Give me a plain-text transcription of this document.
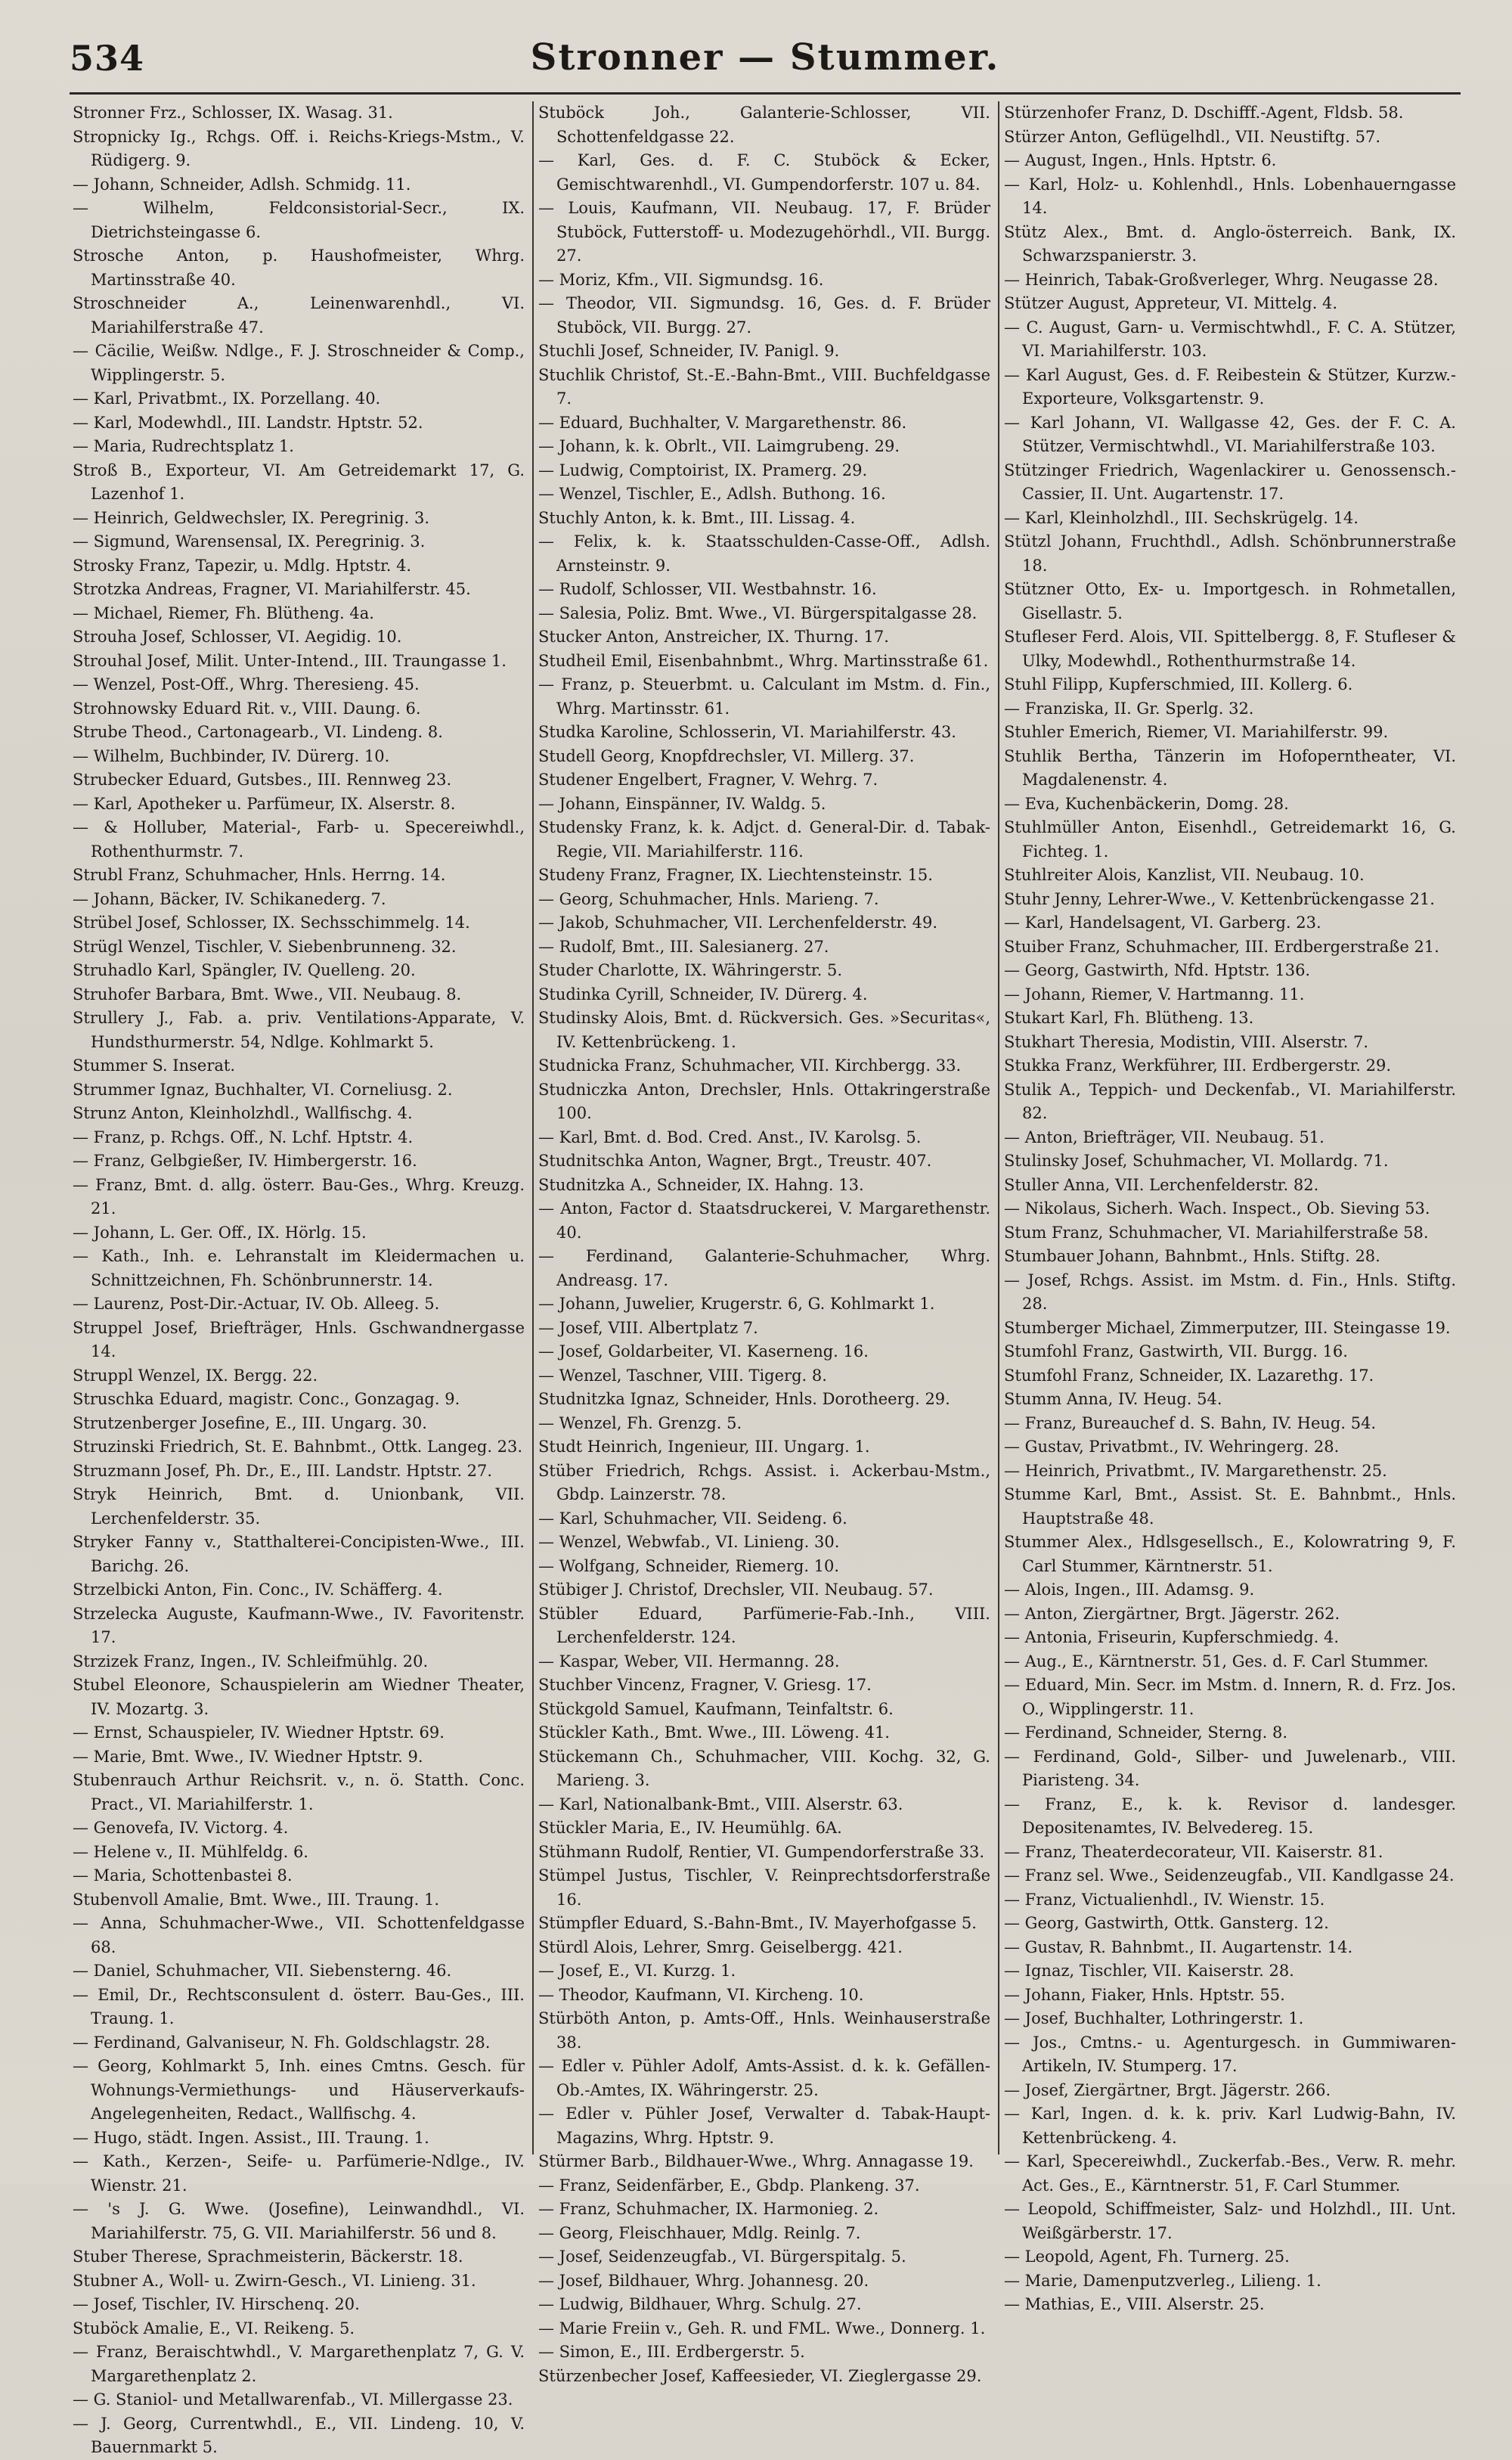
534	Stronner — Stummer.

Stronner Frz., Schlosser, IX. Wasag. 31.

Stropnicky Ig., Rchgs. Off. i. Reichs-Kriegs-Mstm., V. Rüdigerg. 9.

— Johann, Schneider, Adlsh. Schmidg. 11.

— Wilhelm, Feldconsistorial-Secr., IX. Dietrichsteingasse 6.

Strosche Anton, p. Haushofmeister, Whrg. Martinsstraße 40.

Stroschneider A., Leinenwarenhdl., VI. Mariahilferstraße 47.

— Cäcilie, Weißw. Ndlge., F. J. Stroschneider & Comp., Wipplingerstr. 5.

— Karl, Privatbmt., IX. Porzellang. 40.

— Karl, Modewhdl., III. Landstr. Hptstr. 52.

— Maria, Rudrechtsplatz 1.

Stroß B., Exporteur, VI. Am Getreidemarkt 17, G. Lazenhof 1.

— Heinrich, Geldwechsler, IX. Peregrinig. 3.

— Sigmund, Warensensal, IX. Peregrinig. 3.

Strosky Franz, Tapezir, u. Mdlg. Hptstr. 4.

Strotzka Andreas, Fragner, VI. Mariahilferstr. 45.

— Michael, Riemer, Fh. Blütheng. 4a.

Strouha Josef, Schlosser, VI. Aegidig. 10.

Strouhal Josef, Milit. Unter-Intend., III. Traungasse 1.

— Wenzel, Post-Off., Whrg. Theresieng. 45.

Strohnowsky Eduard Rit. v., VIII. Daung. 6.

Strube Theod., Cartonagearb., VI. Lindeng. 8.

— Wilhelm, Buchbinder, IV. Dürerg. 10.

Strubecker Eduard, Gutsbes., III. Rennweg 23.

— Karl, Apotheker u. Parfümeur, IX. Alserstr. 8.

— & Holluber, Material-, Farb- u. Specereiwhdl., Rothenthurmstr. 7.

Strubl Franz, Schuhmacher, Hnls. Herrng. 14.

— Johann, Bäcker, IV. Schikanederg. 7.

Strübel Josef, Schlosser, IX. Sechsschimmelg. 14.

Strügl Wenzel, Tischler, V. Siebenbrunneng. 32.

Struhadlo Karl, Spängler, IV. Quelleng. 20.

Struhofer Barbara, Bmt. Wwe., VII. Neubaug. 8.

Strullery J., Fab. a. priv. Ventilations-Apparate, V. Hundsthurmerstr. 54, Ndlge. Kohlmarkt 5.

Stummer S. Inserat.

Strummer Ignaz, Buchhalter, VI. Corneliusg. 2.

Strunz Anton, Kleinholzhdl., Wallfischg. 4.

— Franz, p. Rchgs. Off., N. Lchf. Hptstr. 4.

— Franz, Gelbgießer, IV. Himbergerstr. 16.

— Franz, Bmt. d. allg. österr. Bau-Ges., Whrg. Kreuzg. 21.

— Johann, L. Ger. Off., IX. Hörlg. 15.

— Kath., Inh. e. Lehranstalt im Kleidermachen u. Schnittzeichnen, Fh. Schönbrunnerstr. 14.

— Laurenz, Post-Dir.-Actuar, IV. Ob. Alleeg. 5.

Struppel Josef, Briefträger, Hnls. Gschwandnergasse 14.

Struppl Wenzel, IX. Bergg. 22.

Struschka Eduard, magistr. Conc., Gonzagag. 9.

Strutzenberger Josefine, E., III. Ungarg. 30.

Struzinski Friedrich, St. E. Bahnbmt., Ottk. Langeg. 23.

Struzmann Josef, Ph. Dr., E., III. Landstr. Hptstr. 27.

Stryk Heinrich, Bmt. d. Unionbank, VII. Lerchenfelderstr. 35.

Stryker Fanny v., Statthalterei-Concipisten-Wwe., III. Barichg. 26.

Strzelbicki Anton, Fin. Conc., IV. Schäfferg. 4.

Strzelecka Auguste, Kaufmann-Wwe., IV. Favoritenstr. 17.

Strzizek Franz, Ingen., IV. Schleifmühlg. 20.

Stubel Eleonore, Schauspielerin am Wiedner Theater, IV. Mozartg. 3.

— Ernst, Schauspieler, IV. Wiedner Hptstr. 69.

— Marie, Bmt. Wwe., IV. Wiedner Hptstr. 9.

Stubenrauch Arthur Reichsrit. v., n. ö. Statth. Conc. Pract., VI. Mariahilferstr. 1.

— Genovefa, IV. Victorg. 4.

— Helene v., II. Mühlfeldg. 6.

— Maria, Schottenbastei 8.

Stubenvoll Amalie, Bmt. Wwe., III. Traung. 1.

— Anna, Schuhmacher-Wwe., VII. Schottenfeldgasse 68.

— Daniel, Schuhmacher, VII. Siebensterng. 46.

— Emil, Dr., Rechtsconsulent d. österr. Bau-Ges., III. Traung. 1.

— Ferdinand, Galvaniseur, N. Fh. Goldschlagstr. 28.

— Georg, Kohlmarkt 5, Inh. eines Cmtns. Gesch. für Wohnungs-Vermiethungs- und Häuserverkaufs-Angelegenheiten, Redact., Wallfischg. 4.

— Hugo, städt. Ingen. Assist., III. Traung. 1.

— Kath., Kerzen-, Seife- u. Parfümerie-Ndlge., IV. Wienstr. 21.

— 's J. G. Wwe. (Josefine), Leinwandhdl., VI. Mariahilferstr. 75, G. VII. Mariahilferstr. 56 und 8.

Stuber Therese, Sprachmeisterin, Bäckerstr. 18.

Stubner A., Woll- u. Zwirn-Gesch., VI. Linieng. 31.

— Josef, Tischler, IV. Hirschenq. 20.

Stuböck Amalie, E., VI. Reikeng. 5.

— Franz, Beraischtwhdl., V. Margarethenplatz 7, G. V. Margarethenplatz 2.

— G. Staniol- und Metallwarenfab., VI. Millergasse 23.

— J. Georg, Currentwhdl., E., VII. Lindeng. 10, V. Bauernmarkt 5.

Stuböck Joh., Galanterie-Schlosser, VII. Schottenfeldgasse 22.

— Karl, Ges. d. F. C. Stuböck & Ecker, Gemischtwarenhdl., VI. Gumpendorferstr. 107 u. 84.

— Louis, Kaufmann, VII. Neubaug. 17, F. Brüder Stuböck, Futterstoff- u. Modezugehörhdl., VII. Burgg. 27.

— Moriz, Kfm., VII. Sigmundsg. 16.

— Theodor, VII. Sigmundsg. 16, Ges. d. F. Brüder Stuböck, VII. Burgg. 27.

Stuchli Josef, Schneider, IV. Panigl. 9.

Stuchlik Christof, St.-E.-Bahn-Bmt., VIII. Buchfeldgasse 7.

— Eduard, Buchhalter, V. Margarethenstr. 86.

— Johann, k. k. Obrlt., VII. Laimgrubeng. 29.

— Ludwig, Comptoirist, IX. Pramerg. 29.

— Wenzel, Tischler, E., Adlsh. Buthong. 16.

Stuchly Anton, k. k. Bmt., III. Lissag. 4.

— Felix, k. k. Staatsschulden-Casse-Off., Adlsh. Arnsteinstr. 9.

— Rudolf, Schlosser, VII. Westbahnstr. 16.

— Salesia, Poliz. Bmt. Wwe., VI. Bürgerspitalgasse 28.

Stucker Anton, Anstreicher, IX. Thurng. 17.

Studheil Emil, Eisenbahnbmt., Whrg. Martinsstraße 61.

— Franz, p. Steuerbmt. u. Calculant im Mstm. d. Fin., Whrg. Martinsstr. 61.

Studka Karoline, Schlosserin, VI. Mariahilferstr. 43.

Studell Georg, Knopfdrechsler, VI. Millerg. 37.

Studener Engelbert, Fragner, V. Wehrg. 7.

— Johann, Einspänner, IV. Waldg. 5.

Studensky Franz, k. k. Adjct. d. General-Dir. d. Tabak-Regie, VII. Mariahilferstr. 116.

Studeny Franz, Fragner, IX. Liechtensteinstr. 15.

— Georg, Schuhmacher, Hnls. Marieng. 7.

— Jakob, Schuhmacher, VII. Lerchenfelderstr. 49.

— Rudolf, Bmt., III. Salesianerg. 27.

Studer Charlotte, IX. Währingerstr. 5.

Studinka Cyrill, Schneider, IV. Dürerg. 4.

Studinsky Alois, Bmt. d. Rückversich. Ges. »Securitas«, IV. Kettenbrückeng. 1.

Studnicka Franz, Schuhmacher, VII. Kirchbergg. 33.

Studniczka Anton, Drechsler, Hnls. Ottakringerstraße 100.

— Karl, Bmt. d. Bod. Cred. Anst., IV. Karolsg. 5.

Studnitschka Anton, Wagner, Brgt., Treustr. 407.

Studnitzka A., Schneider, IX. Hahng. 13.

— Anton, Factor d. Staatsdruckerei, V. Margarethenstr. 40.

— Ferdinand, Galanterie-Schuhmacher, Whrg. Andreasg. 17.

— Johann, Juwelier, Krugerstr. 6, G. Kohlmarkt 1.

— Josef, VIII. Albertplatz 7.

— Josef, Goldarbeiter, VI. Kaserneng. 16.

— Wenzel, Taschner, VIII. Tigerg. 8.

Studnitzka Ignaz, Schneider, Hnls. Dorotheerg. 29.

— Wenzel, Fh. Grenzg. 5.

Studt Heinrich, Ingenieur, III. Ungarg. 1.

Stüber Friedrich, Rchgs. Assist. i. Ackerbau-Mstm., Gbdp. Lainzerstr. 78.

— Karl, Schuhmacher, VII. Seideng. 6.

— Wenzel, Webwfab., VI. Linieng. 30.

— Wolfgang, Schneider, Riemerg. 10.

Stübiger J. Christof, Drechsler, VII. Neubaug. 57.

Stübler Eduard, Parfümerie-Fab.-Inh., VIII. Lerchenfelderstr. 124.

— Kaspar, Weber, VII. Hermanng. 28.

Stuchber Vincenz, Fragner, V. Griesg. 17.

Stückgold Samuel, Kaufmann, Teinfaltstr. 6.

Stückler Kath., Bmt. Wwe., III. Löweng. 41.

Stückemann Ch., Schuhmacher, VIII. Kochg. 32, G. Marieng. 3.

— Karl, Nationalbank-Bmt., VIII. Alserstr. 63.

Stückler Maria, E., IV. Heumühlg. 6A.

Stühmann Rudolf, Rentier, VI. Gumpendorferstraße 33.

Stümpel Justus, Tischler, V. Reinprechtsdorferstraße 16.

Stümpfler Eduard, S.-Bahn-Bmt., IV. Mayerhofgasse 5.

Stürdl Alois, Lehrer, Smrg. Geiselbergg. 421.

— Josef, E., VI. Kurzg. 1.

— Theodor, Kaufmann, VI. Kircheng. 10.

Stürböth Anton, p. Amts-Off., Hnls. Weinhauserstraße 38.

— Edler v. Pühler Adolf, Amts-Assist. d. k. k. Gefällen-Ob.-Amtes, IX. Währingerstr. 25.

— Edler v. Pühler Josef, Verwalter d. Tabak-Haupt-Magazins, Whrg. Hptstr. 9.

Stürmer Barb., Bildhauer-Wwe., Whrg. Annagasse 19.

— Franz, Seidenfärber, E., Gbdp. Plankeng. 37.

— Franz, Schuhmacher, IX. Harmonieg. 2.

— Georg, Fleischhauer, Mdlg. Reinlg. 7.

— Josef, Seidenzeugfab., VI. Bürgerspitalg. 5.

— Josef, Bildhauer, Whrg. Johannesg. 20.

— Ludwig, Bildhauer, Whrg. Schulg. 27.

— Marie Freiin v., Geh. R. und FML. Wwe., Donnerg. 1.

— Simon, E., III. Erdbergerstr. 5.

Stürzenbecher Josef, Kaffeesieder, VI. Zieglergasse 29.

Stürzenhofer Franz, D. Dschifff.-Agent, Fldsb. 58.

Stürzer Anton, Geflügelhdl., VII. Neustiftg. 57.

— August, Ingen., Hnls. Hptstr. 6.

— Karl, Holz- u. Kohlenhdl., Hnls. Lobenhauerngasse 14.

Stütz Alex., Bmt. d. Anglo-österreich. Bank, IX. Schwarzspanierstr. 3.

— Heinrich, Tabak-Großverleger, Whrg. Neugasse 28.

Stützer August, Appreteur, VI. Mittelg. 4.

— C. August, Garn- u. Vermischtwhdl., F. C. A. Stützer, VI. Mariahilferstr. 103.

— Karl August, Ges. d. F. Reibestein & Stützer, Kurzw.-Exporteure, Volksgartenstr. 9.

— Karl Johann, VI. Wallgasse 42, Ges. der F. C. A. Stützer, Vermischtwhdl., VI. Mariahilferstraße 103.

Stützinger Friedrich, Wagenlackirer u. Genossensch.-Cassier, II. Unt. Augartenstr. 17.

— Karl, Kleinholzhdl., III. Sechskrügelg. 14.

Stützl Johann, Fruchthdl., Adlsh. Schönbrunnerstraße 18.

Stützner Otto, Ex- u. Importgesch. in Rohmetallen, Gisellastr. 5.

Stufleser Ferd. Alois, VII. Spittelbergg. 8, F. Stufleser & Ulky, Modewhdl., Rothenthurmstraße 14.

Stuhl Filipp, Kupferschmied, III. Kollerg. 6.

— Franziska, II. Gr. Sperlg. 32.

Stuhler Emerich, Riemer, VI. Mariahilferstr. 99.

Stuhlik Bertha, Tänzerin im Hofoperntheater, VI. Magdalenenstr. 4.

— Eva, Kuchenbäckerin, Domg. 28.

Stuhlmüller Anton, Eisenhdl., Getreidemarkt 16, G. Fichteg. 1.

Stuhlreiter Alois, Kanzlist, VII. Neubaug. 10.

Stuhr Jenny, Lehrer-Wwe., V. Kettenbrückengasse 21.

— Karl, Handelsagent, VI. Garberg. 23.

Stuiber Franz, Schuhmacher, III. Erdbergerstraße 21.

— Georg, Gastwirth, Nfd. Hptstr. 136.

— Johann, Riemer, V. Hartmanng. 11.

Stukart Karl, Fh. Blütheng. 13.

Stukhart Theresia, Modistin, VIII. Alserstr. 7.

Stukka Franz, Werkführer, III. Erdbergerstr. 29.

Stulik A., Teppich- und Deckenfab., VI. Mariahilferstr. 82.

— Anton, Briefträger, VII. Neubaug. 51.

Stulinsky Josef, Schuhmacher, VI. Mollardg. 71.

Stuller Anna, VII. Lerchenfelderstr. 82.

— Nikolaus, Sicherh. Wach. Inspect., Ob. Sieving 53.

Stum Franz, Schuhmacher, VI. Mariahilferstraße 58.

Stumbauer Johann, Bahnbmt., Hnls. Stiftg. 28.

— Josef, Rchgs. Assist. im Mstm. d. Fin., Hnls. Stiftg. 28.

Stumberger Michael, Zimmerputzer, III. Steingasse 19.

Stumfohl Franz, Gastwirth, VII. Burgg. 16.

Stumfohl Franz, Schneider, IX. Lazarethg. 17.

Stumm Anna, IV. Heug. 54.

— Franz, Bureauchef d. S. Bahn, IV. Heug. 54.

— Gustav, Privatbmt., IV. Wehringerg. 28.

— Heinrich, Privatbmt., IV. Margarethenstr. 25.

Stumme Karl, Bmt., Assist. St. E. Bahnbmt., Hnls. Hauptstraße 48.

Stummer Alex., Hdlsgesellsch., E., Kolowratring 9, F. Carl Stummer, Kärntnerstr. 51.

— Alois, Ingen., III. Adamsg. 9.

— Anton, Ziergärtner, Brgt. Jägerstr. 262.

— Antonia, Friseurin, Kupferschmiedg. 4.

— Aug., E., Kärntnerstr. 51, Ges. d. F. Carl Stummer.

— Eduard, Min. Secr. im Mstm. d. Innern, R. d. Frz. Jos. O., Wipplingerstr. 11.

— Ferdinand, Schneider, Sterng. 8.

— Ferdinand, Gold-, Silber- und Juwelenarb., VIII. Piaristeng. 34.

— Franz, E., k. k. Revisor d. landesger. Depositenamtes, IV. Belvedereg. 15.

— Franz, Theaterdecorateur, VII. Kaiserstr. 81.

— Franz sel. Wwe., Seidenzeugfab., VII. Kandlgasse 24.

— Franz, Victualienhdl., IV. Wienstr. 15.

— Georg, Gastwirth, Ottk. Gansterg. 12.

— Gustav, R. Bahnbmt., II. Augartenstr. 14.

— Ignaz, Tischler, VII. Kaiserstr. 28.

— Johann, Fiaker, Hnls. Hptstr. 55.

— Josef, Buchhalter, Lothringerstr. 1.

— Jos., Cmtns.- u. Agenturgesch. in Gummiwaren-Artikeln, IV. Stumperg. 17.

— Josef, Ziergärtner, Brgt. Jägerstr. 266.

— Karl, Ingen. d. k. k. priv. Karl Ludwig-Bahn, IV. Kettenbrückeng. 4.

— Karl, Specereiwhdl., Zuckerfab.-Bes., Verw. R. mehr. Act. Ges., E., Kärntnerstr. 51, F. Carl Stummer.

— Leopold, Schiffmeister, Salz- und Holzhdl., III. Unt. Weißgärberstr. 17.

— Leopold, Agent, Fh. Turnerg. 25.

— Marie, Damenputzverleg., Lilieng. 1.

— Mathias, E., VIII. Alserstr. 25.
